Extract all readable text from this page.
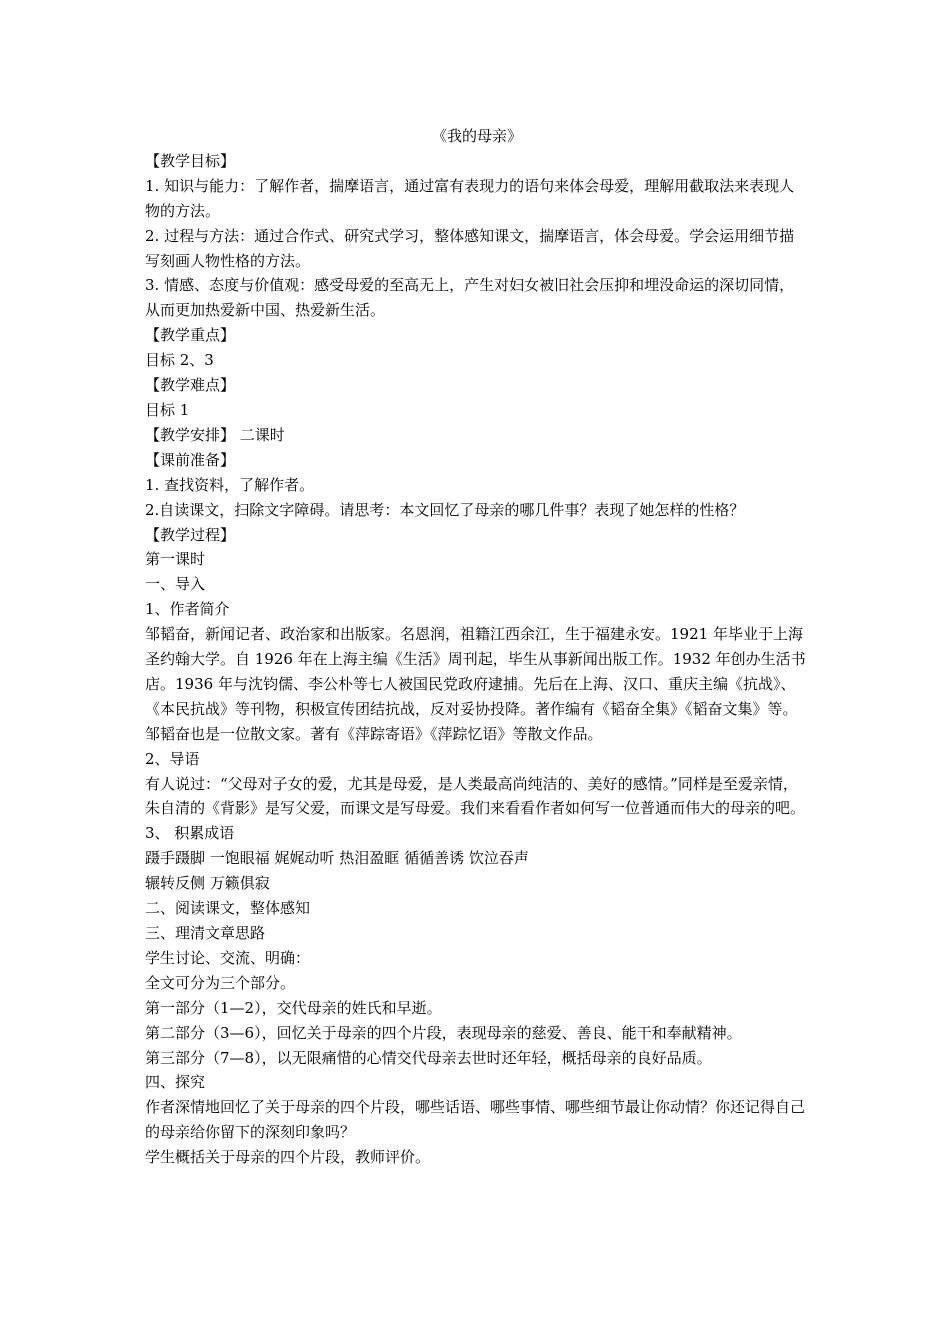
《我的母亲》

【教学目标】

1. 知识与能力：了解作者，揣摩语言，通过富有表现力的语句来体会母爱，理解用截取法来表现人物的方法。

2. 过程与方法：通过合作式、研究式学习，整体感知课文，揣摩语言，体会母爱。学会运用细节描写刻画人物性格的方法。

3. 情感、态度与价值观：感受母爱的至高无上，产生对妇女被旧社会压抑和埋没命运的深切同情，从而更加热爱新中国、热爱新生活。

【教学重点】

目标 2、3

【教学难点】

目标 1

【教学安排】 二课时

【课前准备】

1. 查找资料，了解作者。

2.自读课文，扫除文字障碍。请思考：本文回忆了母亲的哪几件事？表现了她怎样的性格？

【教学过程】

第一课时

一、导入

1、作者简介

邹韬奋，新闻记者、政治家和出版家。名恩润，祖籍江西余江，生于福建永安。1921 年毕业于上海圣约翰大学。自 1926 年在上海主编《生活》周刊起，毕生从事新闻出版工作。1932 年创办生活书店。1936 年与沈钧儒、李公朴等七人被国民党政府逮捕。先后在上海、汉口、重庆主编《抗战》、《本民抗战》等刊物，积极宣传团结抗战，反对妥协投降。著作编有《韬奋全集》《韬奋文集》等。

邹韬奋也是一位散文家。著有《萍踪寄语》《萍踪忆语》等散文作品。

2、导语

有人说过：“父母对子女的爱，尤其是母爱，是人类最高尚纯洁的、美好的感情。”同样是至爱亲情，朱自清的《背影》是写父爱，而课文是写母爱。我们来看看作者如何写一位普通而伟大的母亲的吧。

3、 积累成语

蹑手蹑脚 一饱眼福 娓娓动听 热泪盈眶 循循善诱 饮泣吞声

辗转反侧 万籁俱寂

二、阅读课文，整体感知

三、理清文章思路

学生讨论、交流、明确：

全文可分为三个部分。

第一部分（1—2），交代母亲的姓氏和早逝。

第二部分（3—6），回忆关于母亲的四个片段，表现母亲的慈爱、善良、能干和奉献精神。

第三部分（7—8），以无限痛惜的心情交代母亲去世时还年轻，概括母亲的良好品质。

四、探究

作者深情地回忆了关于母亲的四个片段，哪些话语、哪些事情、哪些细节最让你动情？你还记得自己的母亲给你留下的深刻印象吗？

学生概括关于母亲的四个片段，教师评价。
